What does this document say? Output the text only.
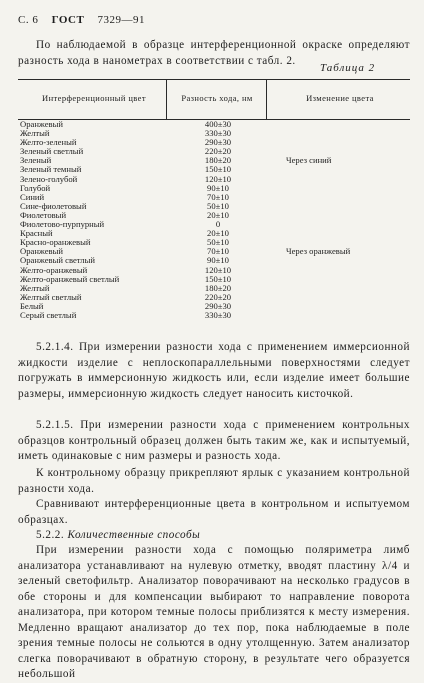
С. 6 ГОСТ 7329—91
По наблюдаемой в образце интерференционной окраске определяют разность хода в нанометрах в соответствии с табл. 2.
Таблица 2
Интерференционный цвет	Разность хода, нм	Изменение цвета
Оранжевый	400±30
Желтый	330±30
Желто-зеленый	290±30
Зеленый светлый	220±20
Зеленый	180±20	Через синий
Зеленый темный	150±10
Зелено-голубой	120±10
Голубой	90±10
Синий	70±10
Сине-фиолетовый	50±10
Фиолетовый	20±10
Фиолетово-пурпурный	0
Красный	20±10
Красно-оранжевый	50±10
Оранжевый	70±10	Через оранжевый
Оранжевый светлый	90±10
Желто-оранжевый	120±10
Желто-оранжевый светлый	150±10
Желтый	180±20
Желтый светлый	220±20
Белый	290±30
Серый светлый	330±30
5.2.1.4. При измерении разности хода с применением иммерсионной жидкости изделие с неплоскопараллельными поверхностями следует погружать в иммерсионную жидкость или, если изделие имеет большие размеры, иммерсионную жидкость следует наносить кисточкой.
5.2.1.5. При измерении разности хода с применением контрольных образцов контрольный образец должен быть таким же, как и испытуемый, иметь одинаковые с ним размеры и разность хода.
К контрольному образцу прикрепляют ярлык с указанием контрольной разности хода.
Сравнивают интерференционные цвета в контрольном и испытуемом образцах.
5.2.2. Количественные способы
При измерении разности хода с помощью поляриметра лимб анализатора устанавливают на нулевую отметку, вводят пластину λ/4 и зеленый светофильтр. Анализатор поворачивают на несколько градусов в обе стороны и для компенсации выбирают то направление поворота анализатора, при котором темные полосы приблизятся к месту измерения. Медленно вращают анализатор до тех пор, пока наблюдаемые в поле зрения темные полосы не сольются в одну утолщенную. Затем анализатор слегка поворачивают в обратную сторону, в результате чего образуется небольшой
